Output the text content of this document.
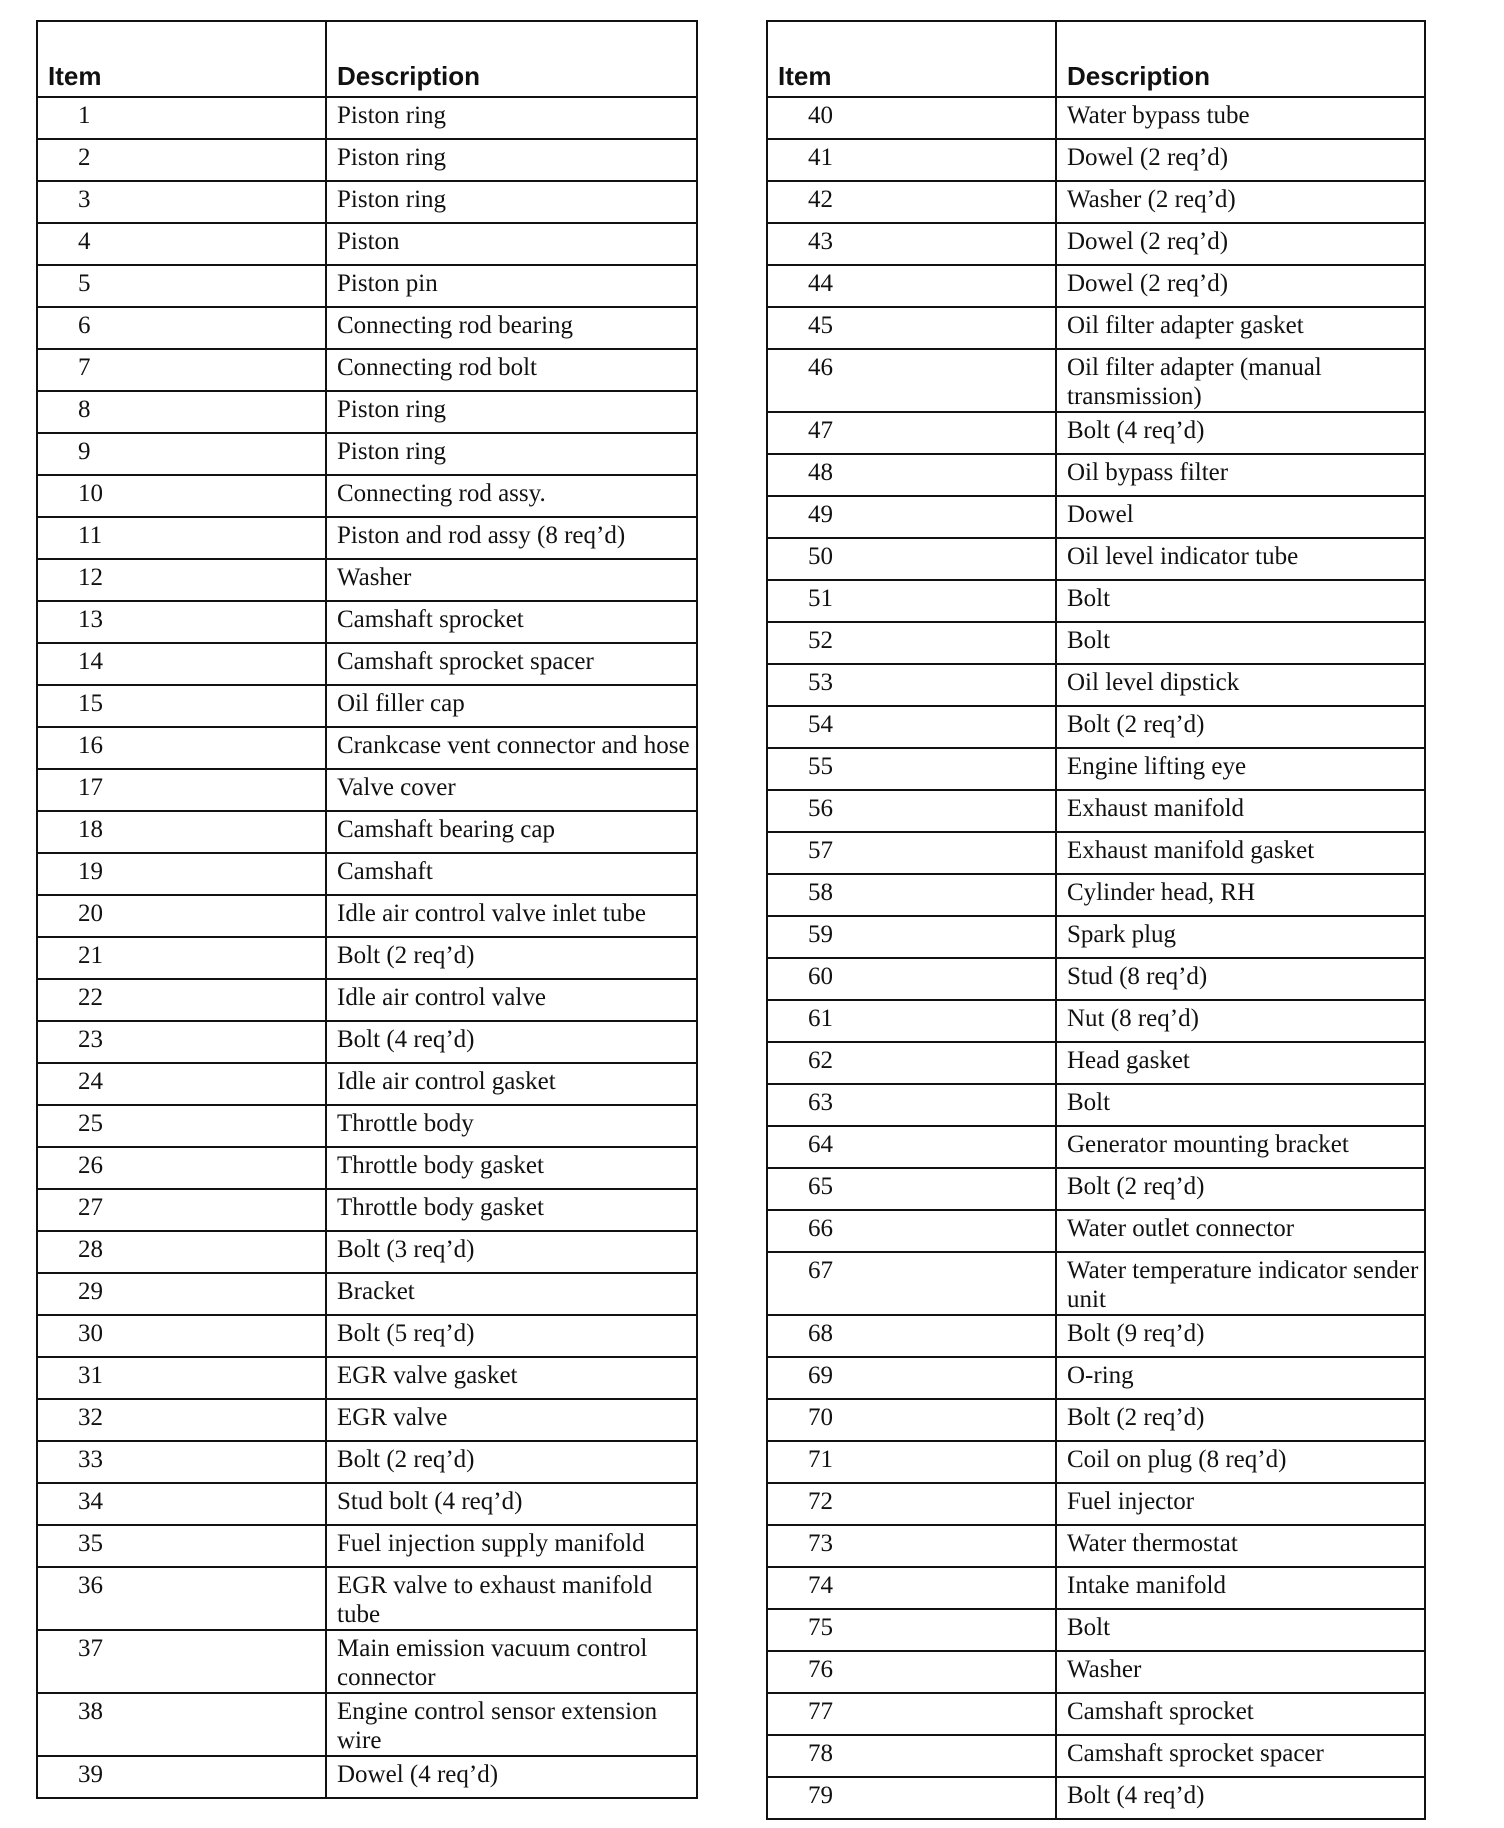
Item	Description
1	Piston ring
2	Piston ring
3	Piston ring
4	Piston
5	Piston pin
6	Connecting rod bearing
7	Connecting rod bolt
8	Piston ring
9	Piston ring
10	Connecting rod assy.
11	Piston and rod assy (8 req’d)
12	Washer
13	Camshaft sprocket
14	Camshaft sprocket spacer
15	Oil filler cap
16	Crankcase vent connector and hose
17	Valve cover
18	Camshaft bearing cap
19	Camshaft
20	Idle air control valve inlet tube
21	Bolt (2 req’d)
22	Idle air control valve
23	Bolt (4 req’d)
24	Idle air control gasket
25	Throttle body
26	Throttle body gasket
27	Throttle body gasket
28	Bolt (3 req’d)
29	Bracket
30	Bolt (5 req’d)
31	EGR valve gasket
32	EGR valve
33	Bolt (2 req’d)
34	Stud bolt (4 req’d)
35	Fuel injection supply manifold
36	EGR valve to exhaust manifold tube
37	Main emission vacuum control connector
38	Engine control sensor extension wire
39	Dowel (4 req’d)
Item	Description
40	Water bypass tube
41	Dowel (2 req’d)
42	Washer (2 req’d)
43	Dowel (2 req’d)
44	Dowel (2 req’d)
45	Oil filter adapter gasket
46	Oil filter adapter (manual transmission)
47	Bolt (4 req’d)
48	Oil bypass filter
49	Dowel
50	Oil level indicator tube
51	Bolt
52	Bolt
53	Oil level dipstick
54	Bolt (2 req’d)
55	Engine lifting eye
56	Exhaust manifold
57	Exhaust manifold gasket
58	Cylinder head, RH
59	Spark plug
60	Stud (8 req’d)
61	Nut (8 req’d)
62	Head gasket
63	Bolt
64	Generator mounting bracket
65	Bolt (2 req’d)
66	Water outlet connector
67	Water temperature indicator sender unit
68	Bolt (9 req’d)
69	O-ring
70	Bolt (2 req’d)
71	Coil on plug (8 req’d)
72	Fuel injector
73	Water thermostat
74	Intake manifold
75	Bolt
76	Washer
77	Camshaft sprocket
78	Camshaft sprocket spacer
79	Bolt (4 req’d)
